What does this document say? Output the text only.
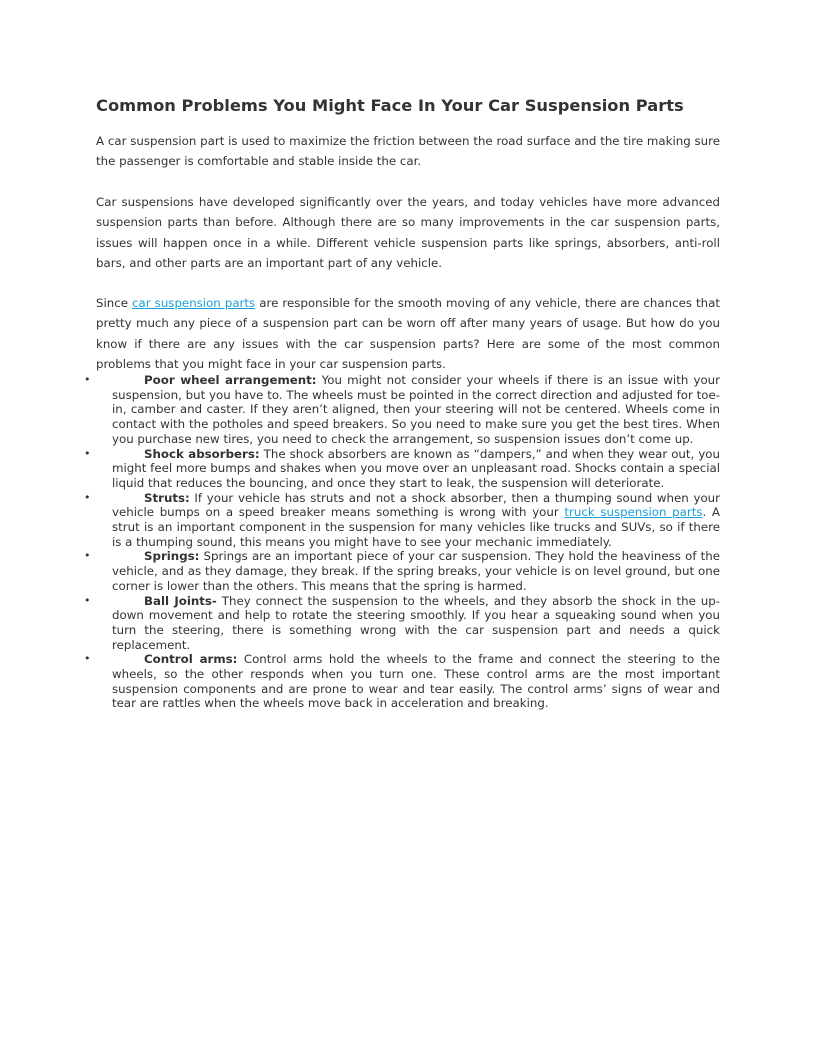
Common Problems You Might Face In Your Car Suspension Parts

A car suspension part is used to maximize the friction between the road surface and the tire making sure the passenger is comfortable and stable inside the car.

Car suspensions have developed significantly over the years, and today vehicles have more advanced suspension parts than before. Although there are so many improvements in the car suspension parts, issues will happen once in a while. Different vehicle suspension parts like springs, absorbers, anti-roll bars, and other parts are an important part of any vehicle.

Since car suspension parts are responsible for the smooth moving of any vehicle, there are chances that pretty much any piece of a suspension part can be worn off after many years of usage. But how do you know if there are any issues with the car suspension parts? Here are some of the most common problems that you might face in your car suspension parts.

•	Poor wheel arrangement: You might not consider your wheels if there is an issue with your suspension, but you have to. The wheels must be pointed in the correct direction and adjusted for toe-in, camber and caster. If they aren’t aligned, then your steering will not be centered. Wheels come in contact with the potholes and speed breakers. So you need to make sure you get the best tires. When you purchase new tires, you need to check the arrangement, so suspension issues don’t come up.
•	Shock absorbers: The shock absorbers are known as “dampers,” and when they wear out, you might feel more bumps and shakes when you move over an unpleasant road. Shocks contain a special liquid that reduces the bouncing, and once they start to leak, the suspension will deteriorate.
•	Struts: If your vehicle has struts and not a shock absorber, then a thumping sound when your vehicle bumps on a speed breaker means something is wrong with your truck suspension parts. A strut is an important component in the suspension for many vehicles like trucks and SUVs, so if there is a thumping sound, this means you might have to see your mechanic immediately.
•	Springs: Springs are an important piece of your car suspension. They hold the heaviness of the vehicle, and as they damage, they break. If the spring breaks, your vehicle is on level ground, but one corner is lower than the others. This means that the spring is harmed.
•	Ball Joints- They connect the suspension to the wheels, and they absorb the shock in the up-down movement and help to rotate the steering smoothly. If you hear a squeaking sound when you turn the steering, there is something wrong with the car suspension part and needs a quick replacement.
•	Control arms: Control arms hold the wheels to the frame and connect the steering to the wheels, so the other responds when you turn one. These control arms are the most important suspension components and are prone to wear and tear easily. The control arms’ signs of wear and tear are rattles when the wheels move back in acceleration and breaking.
